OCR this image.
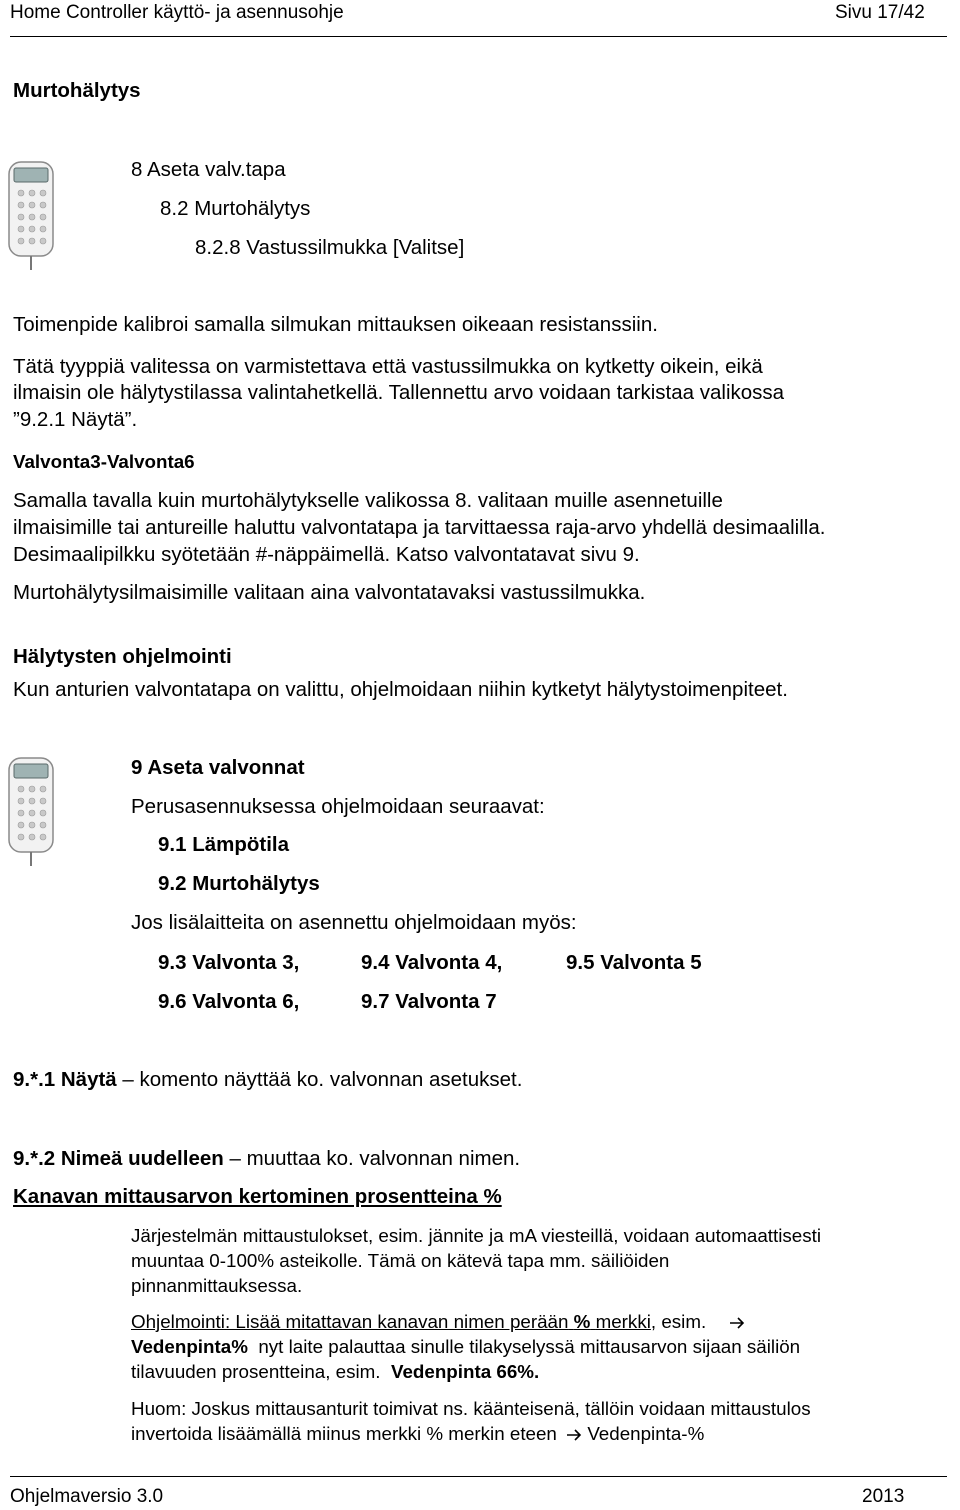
Home Controller käyttö- ja asennusohje	Sivu 17/42
Murtohälytys
8 Aseta valv.tapa
8.2 Murtohälytys
8.2.8 Vastussilmukka [Valitse]
Toimenpide kalibroi samalla silmukan mittauksen oikeaan resistanssiin.
Tätä tyyppiä valitessa on varmistettava että vastussilmukka on kytketty oikein, eikä
ilmaisin ole hälytystilassa valintahetkellä. Tallennettu arvo voidaan tarkistaa valikossa
”9.2.1 Näytä”.
Valvonta3-Valvonta6
Samalla tavalla kuin murtohälytykselle valikossa 8. valitaan muille asennetuille
ilmaisimille tai antureille haluttu valvontatapa ja tarvittaessa raja-arvo yhdellä desimaalilla.
Desimaalipilkku syötetään #-näppäimellä. Katso valvontatavat sivu 9.
Murtohälytysilmaisimille valitaan aina valvontatavaksi vastussilmukka.
Hälytysten ohjelmointi
Kun anturien valvontatapa on valittu, ohjelmoidaan niihin kytketyt hälytystoimenpiteet.
9 Aseta valvonnat
Perusasennuksessa ohjelmoidaan seuraavat:
9.1 Lämpötila
9.2 Murtohälytys
Jos lisälaitteita on asennettu ohjelmoidaan myös:
9.3 Valvonta 3,	9.4 Valvonta 4,	9.5 Valvonta 5
9.6 Valvonta 6,	9.7 Valvonta 7
9.*.1 Näytä – komento näyttää ko. valvonnan asetukset.
9.*.2 Nimeä uudelleen – muuttaa ko. valvonnan nimen.
Kanavan mittausarvon kertominen prosentteina %
Järjestelmän mittaustulokset, esim. jännite ja mA viesteillä, voidaan automaattisesti
muuntaa 0-100% asteikolle. Tämä on kätevä tapa mm. säiliöiden
pinnanmittauksessa.
Ohjelmointi: Lisää mitattavan kanavan nimen perään % merkki, esim.
Vedenpinta% nyt laite palauttaa sinulle tilakyselyssä mittausarvon sijaan säiliön
tilavuuden prosentteina, esim. Vedenpinta 66%.
Huom: Joskus mittausanturit toimivat ns. käänteisenä, tällöin voidaan mittaustulos
invertoida lisäämällä miinus merkki % merkin eteen Vedenpinta-%
Ohjelmaversio 3.0	2013
